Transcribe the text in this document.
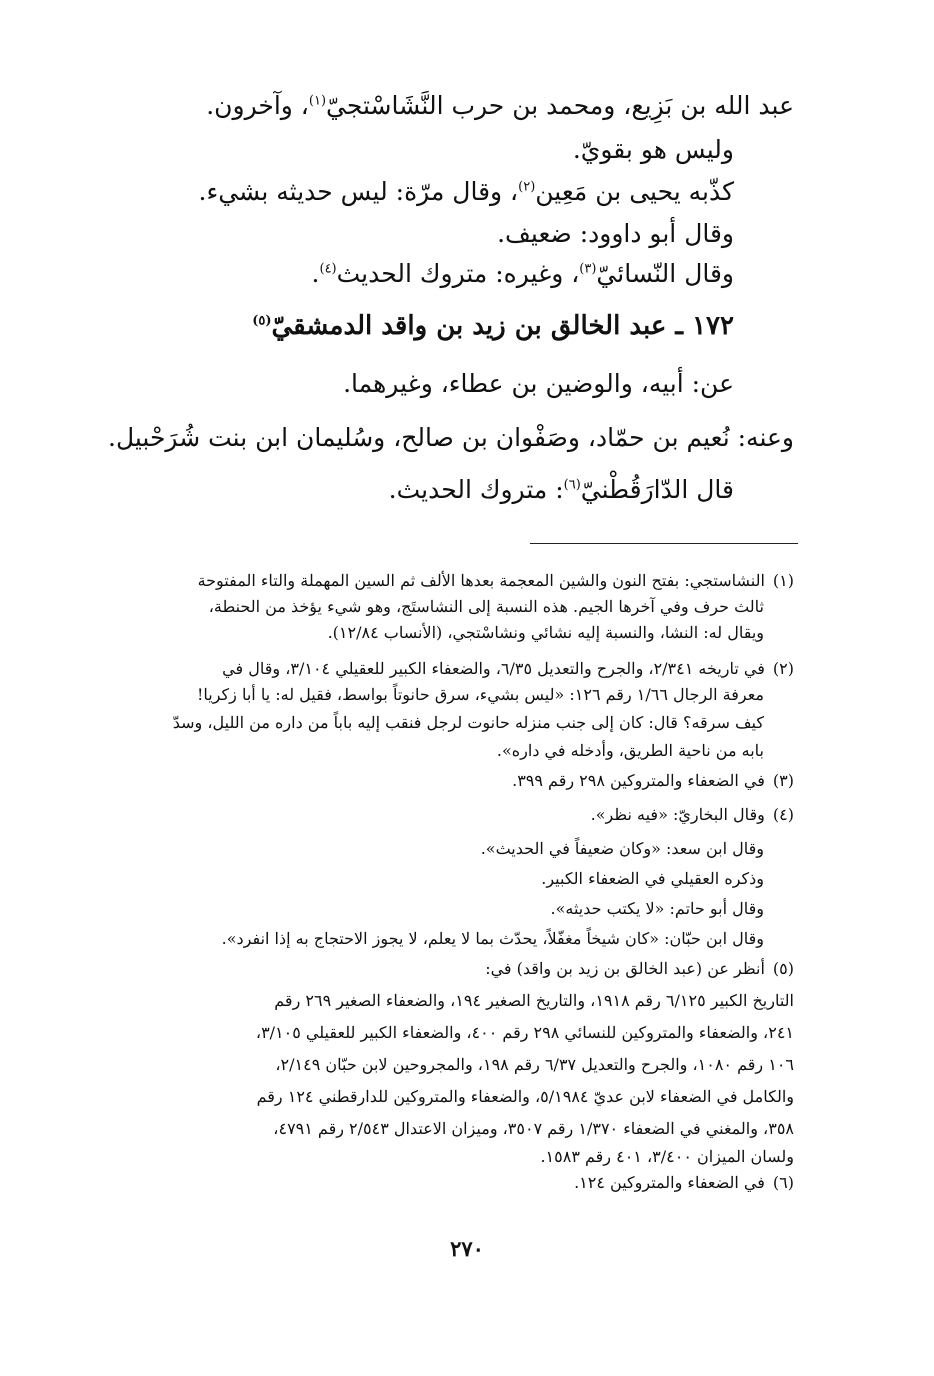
عبد الله بن بَزِيع، ومحمد بن حرب النَّشَاسْتجيّ$^{(١)}$، وآخرون.
وليس هو بقويّ.
كذّبه يحيى بن مَعِين$^{(٢)}$، وقال مرّة: ليس حديثه بشيء.
وقال أبو داوود: ضعيف.
وقال النّسائيّ$^{(٣)}$، وغيره: متروك الحديث$^{(٤)}$.
١٧٢ ـ عبد الخالق بن زيد بن واقد الدمشقيّ$^{(٥)}$
عن: أبيه، والوضين بن عطاء، وغيرهما.
وعنه: نُعيم بن حمّاد، وصَفْوان بن صالح، وسُليمان ابن بنت شُرَحْبيل.
قال الدّارَقُطْنيّ$^{(٦)}$: متروك الحديث.
(١)النشاستجي: بفتح النون والشين المعجمة بعدها الألف ثم السين المهملة والتاء المفتوحة
ثالث حرف وفي آخرها الجيم. هذه النسبة إلى النشاستَج، وهو شيء يؤخذ من الحنطة،
ويقال له: النشا، والنسبة إليه نشائي ونشاسْتجي، (الأنساب ١٢/٨٤).
(٢)في تاريخه ٢/٣٤١، والجرح والتعديل ٦/٣٥، والضعفاء الكبير للعقيلي ٣/١٠٤، وقال في
معرفة الرجال ١/٦٦ رقم ١٢٦: «ليس بشيء، سرق حانوتاً بواسط، فقيل له: يا أبا زكريا!
كيف سرقه؟ قال: كان إلى جنب منزله حانوت لرجل فنقب إليه باباً من داره من الليل، وسدّ
بابه من ناحية الطريق، وأدخله في داره».
(٣)في الضعفاء والمتروكين ٢٩٨ رقم ٣٩٩.
(٤)وقال البخاريّ: «فيه نظر».
وقال ابن سعد: «وكان ضعيفاً في الحديث».
وذكره العقيلي في الضعفاء الكبير.
وقال أبو حاتم: «لا يكتب حديثه».
وقال ابن حبّان: «كان شيخاً مغفّلاً، يحدّث بما لا يعلم، لا يجوز الاحتجاج به إذا انفرد».
(٥)أنظر عن (عبد الخالق بن زيد بن واقد) في:
التاريخ الكبير ٦/١٢٥ رقم ١٩١٨، والتاريخ الصغير ١٩٤، والضعفاء الصغير ٢٦٩ رقم
٢٤١، والضعفاء والمتروكين للنسائي ٢٩٨ رقم ٤٠٠، والضعفاء الكبير للعقيلي ٣/١٠٥،
١٠٦ رقم ١٠٨٠، والجرح والتعديل ٦/٣٧ رقم ١٩٨، والمجروحين لابن حبّان ٢/١٤٩،
والكامل في الضعفاء لابن عديّ ٥/١٩٨٤، والضعفاء والمتروكين للدارقطني ١٢٤ رقم
٣٥٨، والمغني في الضعفاء ١/٣٧٠ رقم ٣٥٠٧، وميزان الاعتدال ٢/٥٤٣ رقم ٤٧٩١،
ولسان الميزان ٣/٤٠٠، ٤٠١ رقم ١٥٨٣.
(٦)في الضعفاء والمتروكين ١٢٤.
٢٧٠
